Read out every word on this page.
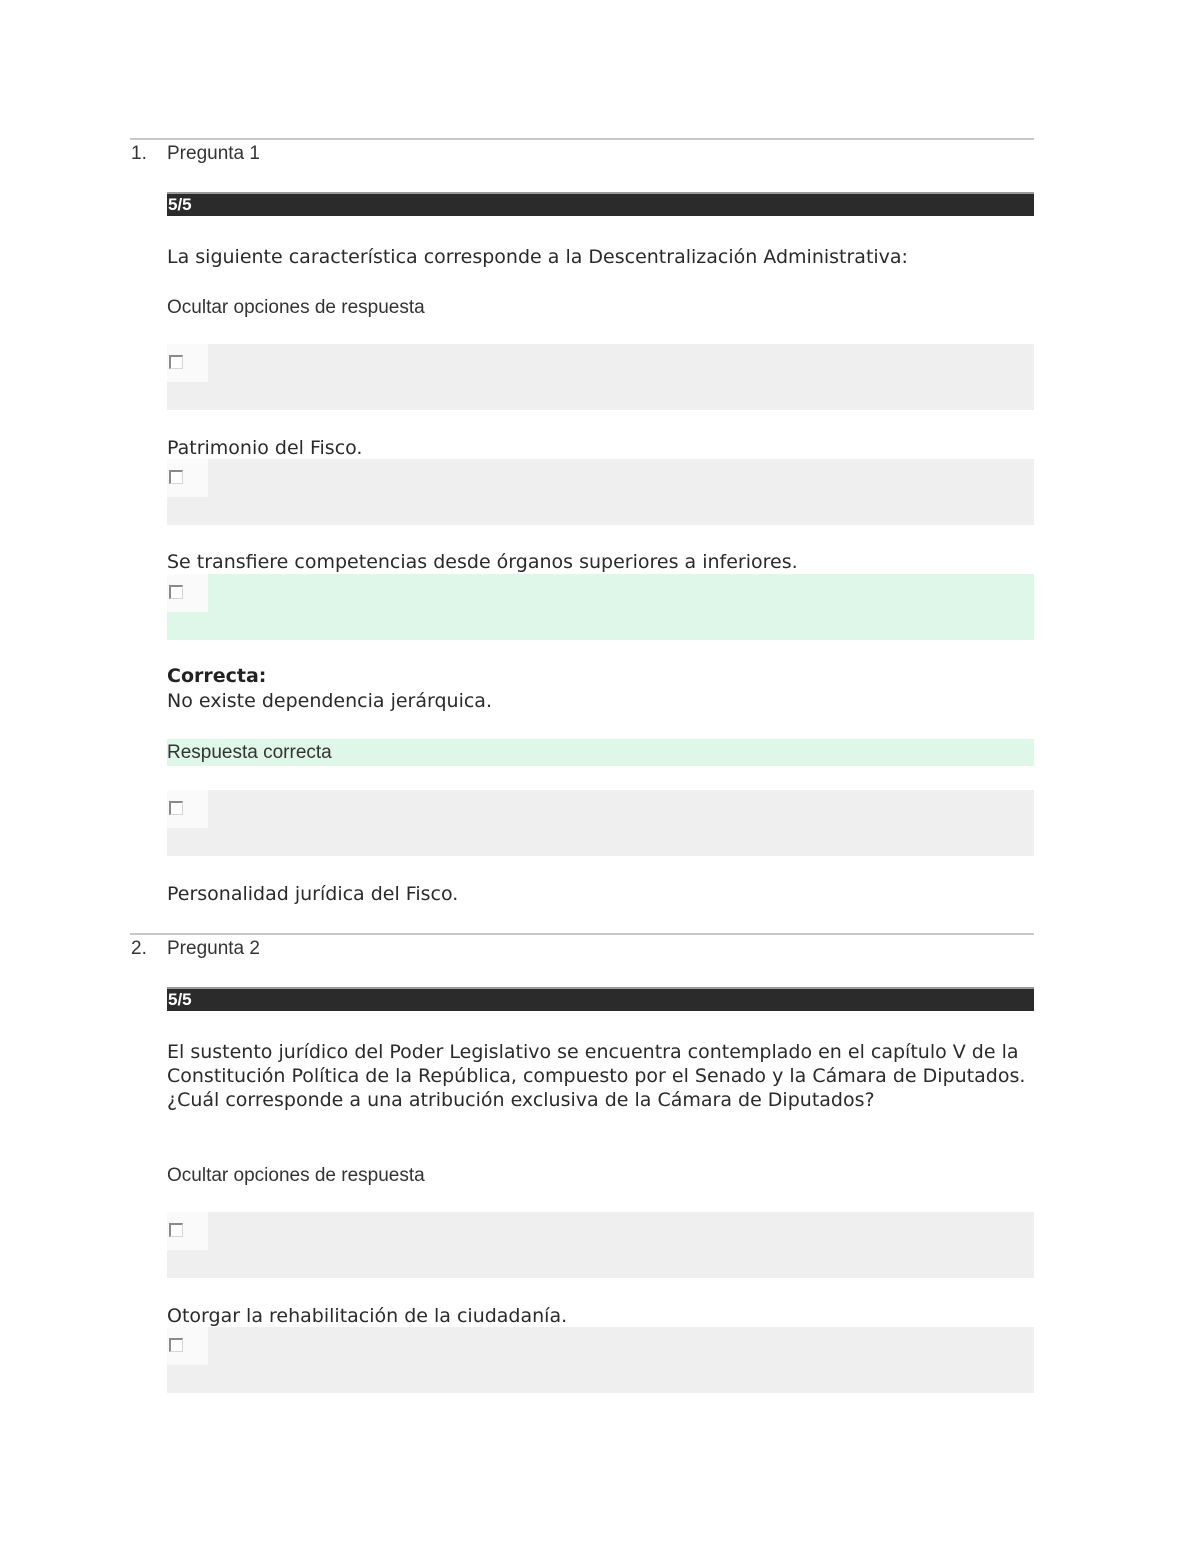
1. Pregunta 1
5/5
La siguiente característica corresponde a la Descentralización Administrativa:
Ocultar opciones de respuesta
Patrimonio del Fisco.
Se transfiere competencias desde órganos superiores a inferiores.
Correcta:
No existe dependencia jerárquica.
Respuesta correcta
Personalidad jurídica del Fisco.
2. Pregunta 2
5/5
El sustento jurídico del Poder Legislativo se encuentra contemplado en el capítulo V de la Constitución Política de la República, compuesto por el Senado y la Cámara de Diputados. ¿Cuál corresponde a una atribución exclusiva de la Cámara de Diputados?
Ocultar opciones de respuesta
Otorgar la rehabilitación de la ciudadanía.
